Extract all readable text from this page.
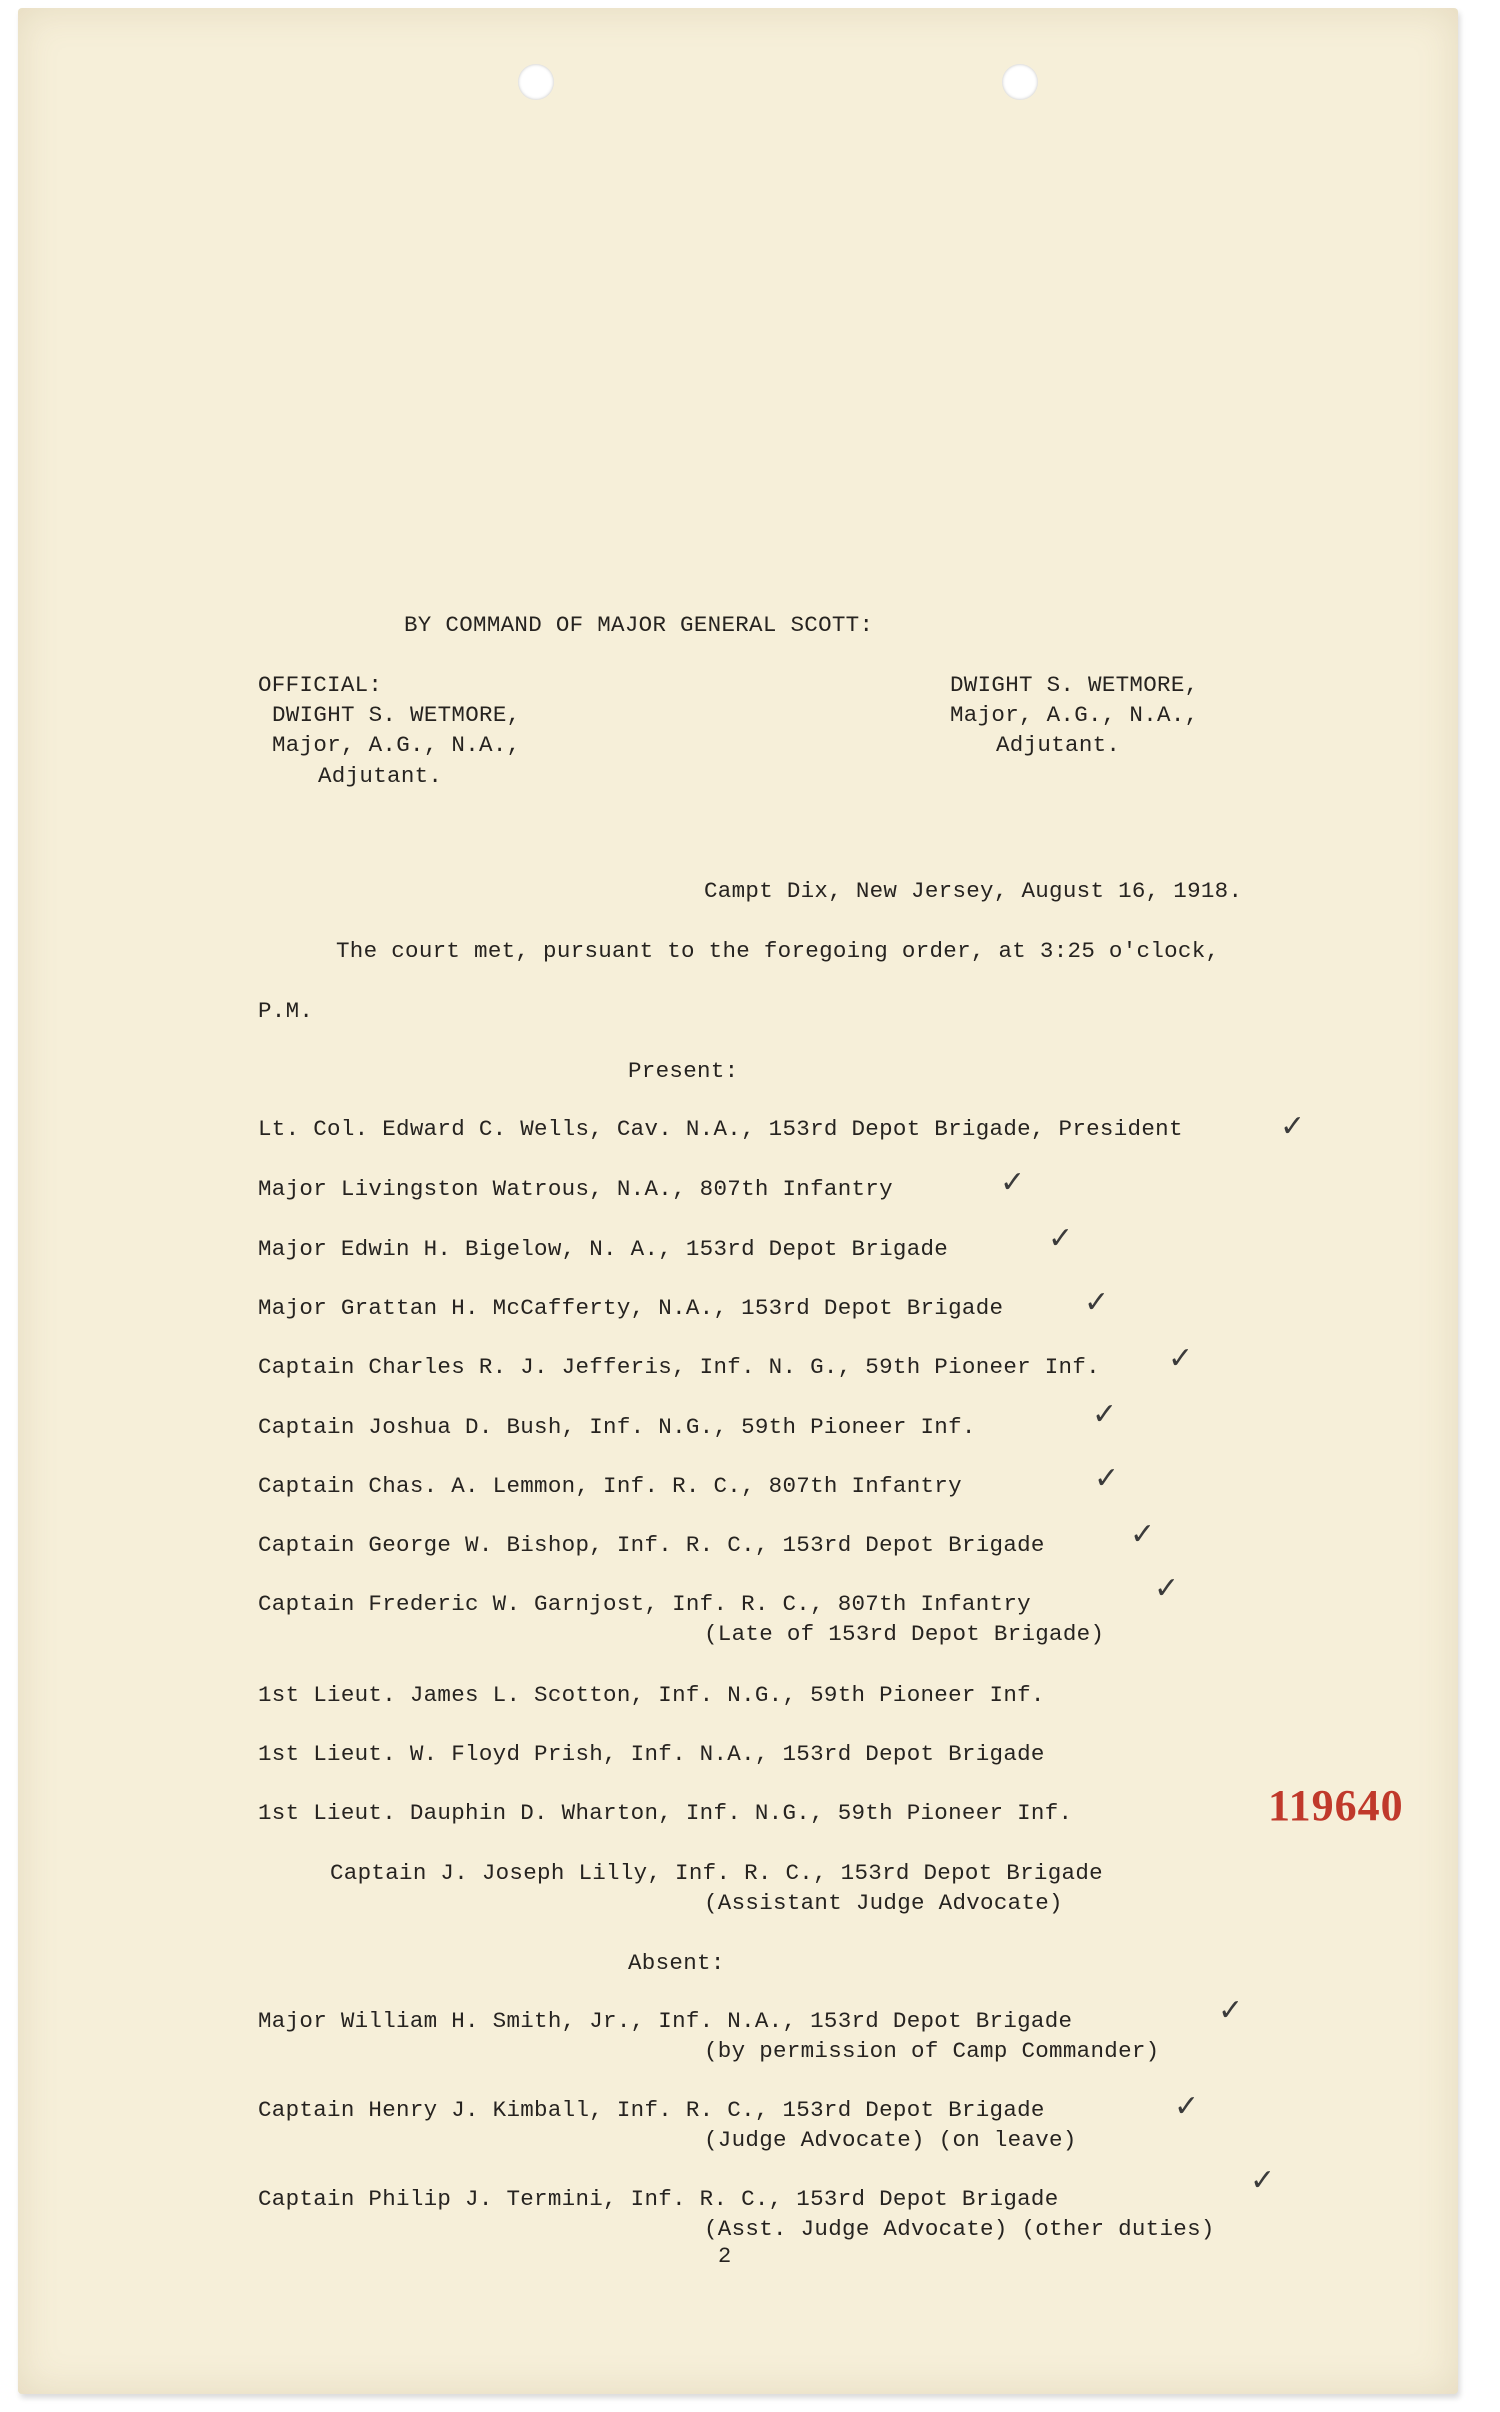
BY COMMAND OF MAJOR GENERAL SCOTT:
OFFICIAL:
DWIGHT S. WETMORE,
Major, A.G., N.A.,
Adjutant.
DWIGHT S. WETMORE,
Major, A.G., N.A.,
Adjutant.
Campt Dix, New Jersey, August 16, 1918.
The court met, pursuant to the foregoing order, at 3:25 o'clock,
P.M.
Present:
Lt. Col. Edward C. Wells, Cav. N.A., 153rd Depot Brigade, President	✓
Major Livingston Watrous, N.A., 807th Infantry	✓
Major Edwin H. Bigelow, N. A., 153rd Depot Brigade	✓
Major Grattan H. McCafferty, N.A., 153rd Depot Brigade	✓
Captain Charles R. J. Jefferis, Inf. N. G., 59th Pioneer Inf. ✓
Captain Joshua D. Bush, Inf. N.G., 59th Pioneer Inf.	✓
Captain Chas. A. Lemmon, Inf. R. C., 807th Infantry	✓
Captain George W. Bishop, Inf. R. C., 153rd Depot Brigade	✓
Captain Frederic W. Garnjost, Inf. R. C., 807th Infantry
(Late of 153rd Depot Brigade)
✓
1st Lieut. James L. Scotton, Inf. N.G., 59th Pioneer Inf.
1st Lieut. W. Floyd Prish, Inf. N.A., 153rd Depot Brigade
1st Lieut. Dauphin D. Wharton, Inf. N.G., 59th Pioneer Inf.	119640
Captain J. Joseph Lilly, Inf. R. C., 153rd Depot Brigade
(Assistant Judge Advocate)
Absent:
Major William H. Smith, Jr., Inf. N.A., 153rd Depot Brigade
(by permission of Camp Commander)
✓
Captain Henry J. Kimball, Inf. R. C., 153rd Depot Brigade
(Judge Advocate) (on leave)
✓
Captain Philip J. Termini, Inf. R. C., 153rd Depot Brigade
(Asst. Judge Advocate) (other duties)
✓
2
